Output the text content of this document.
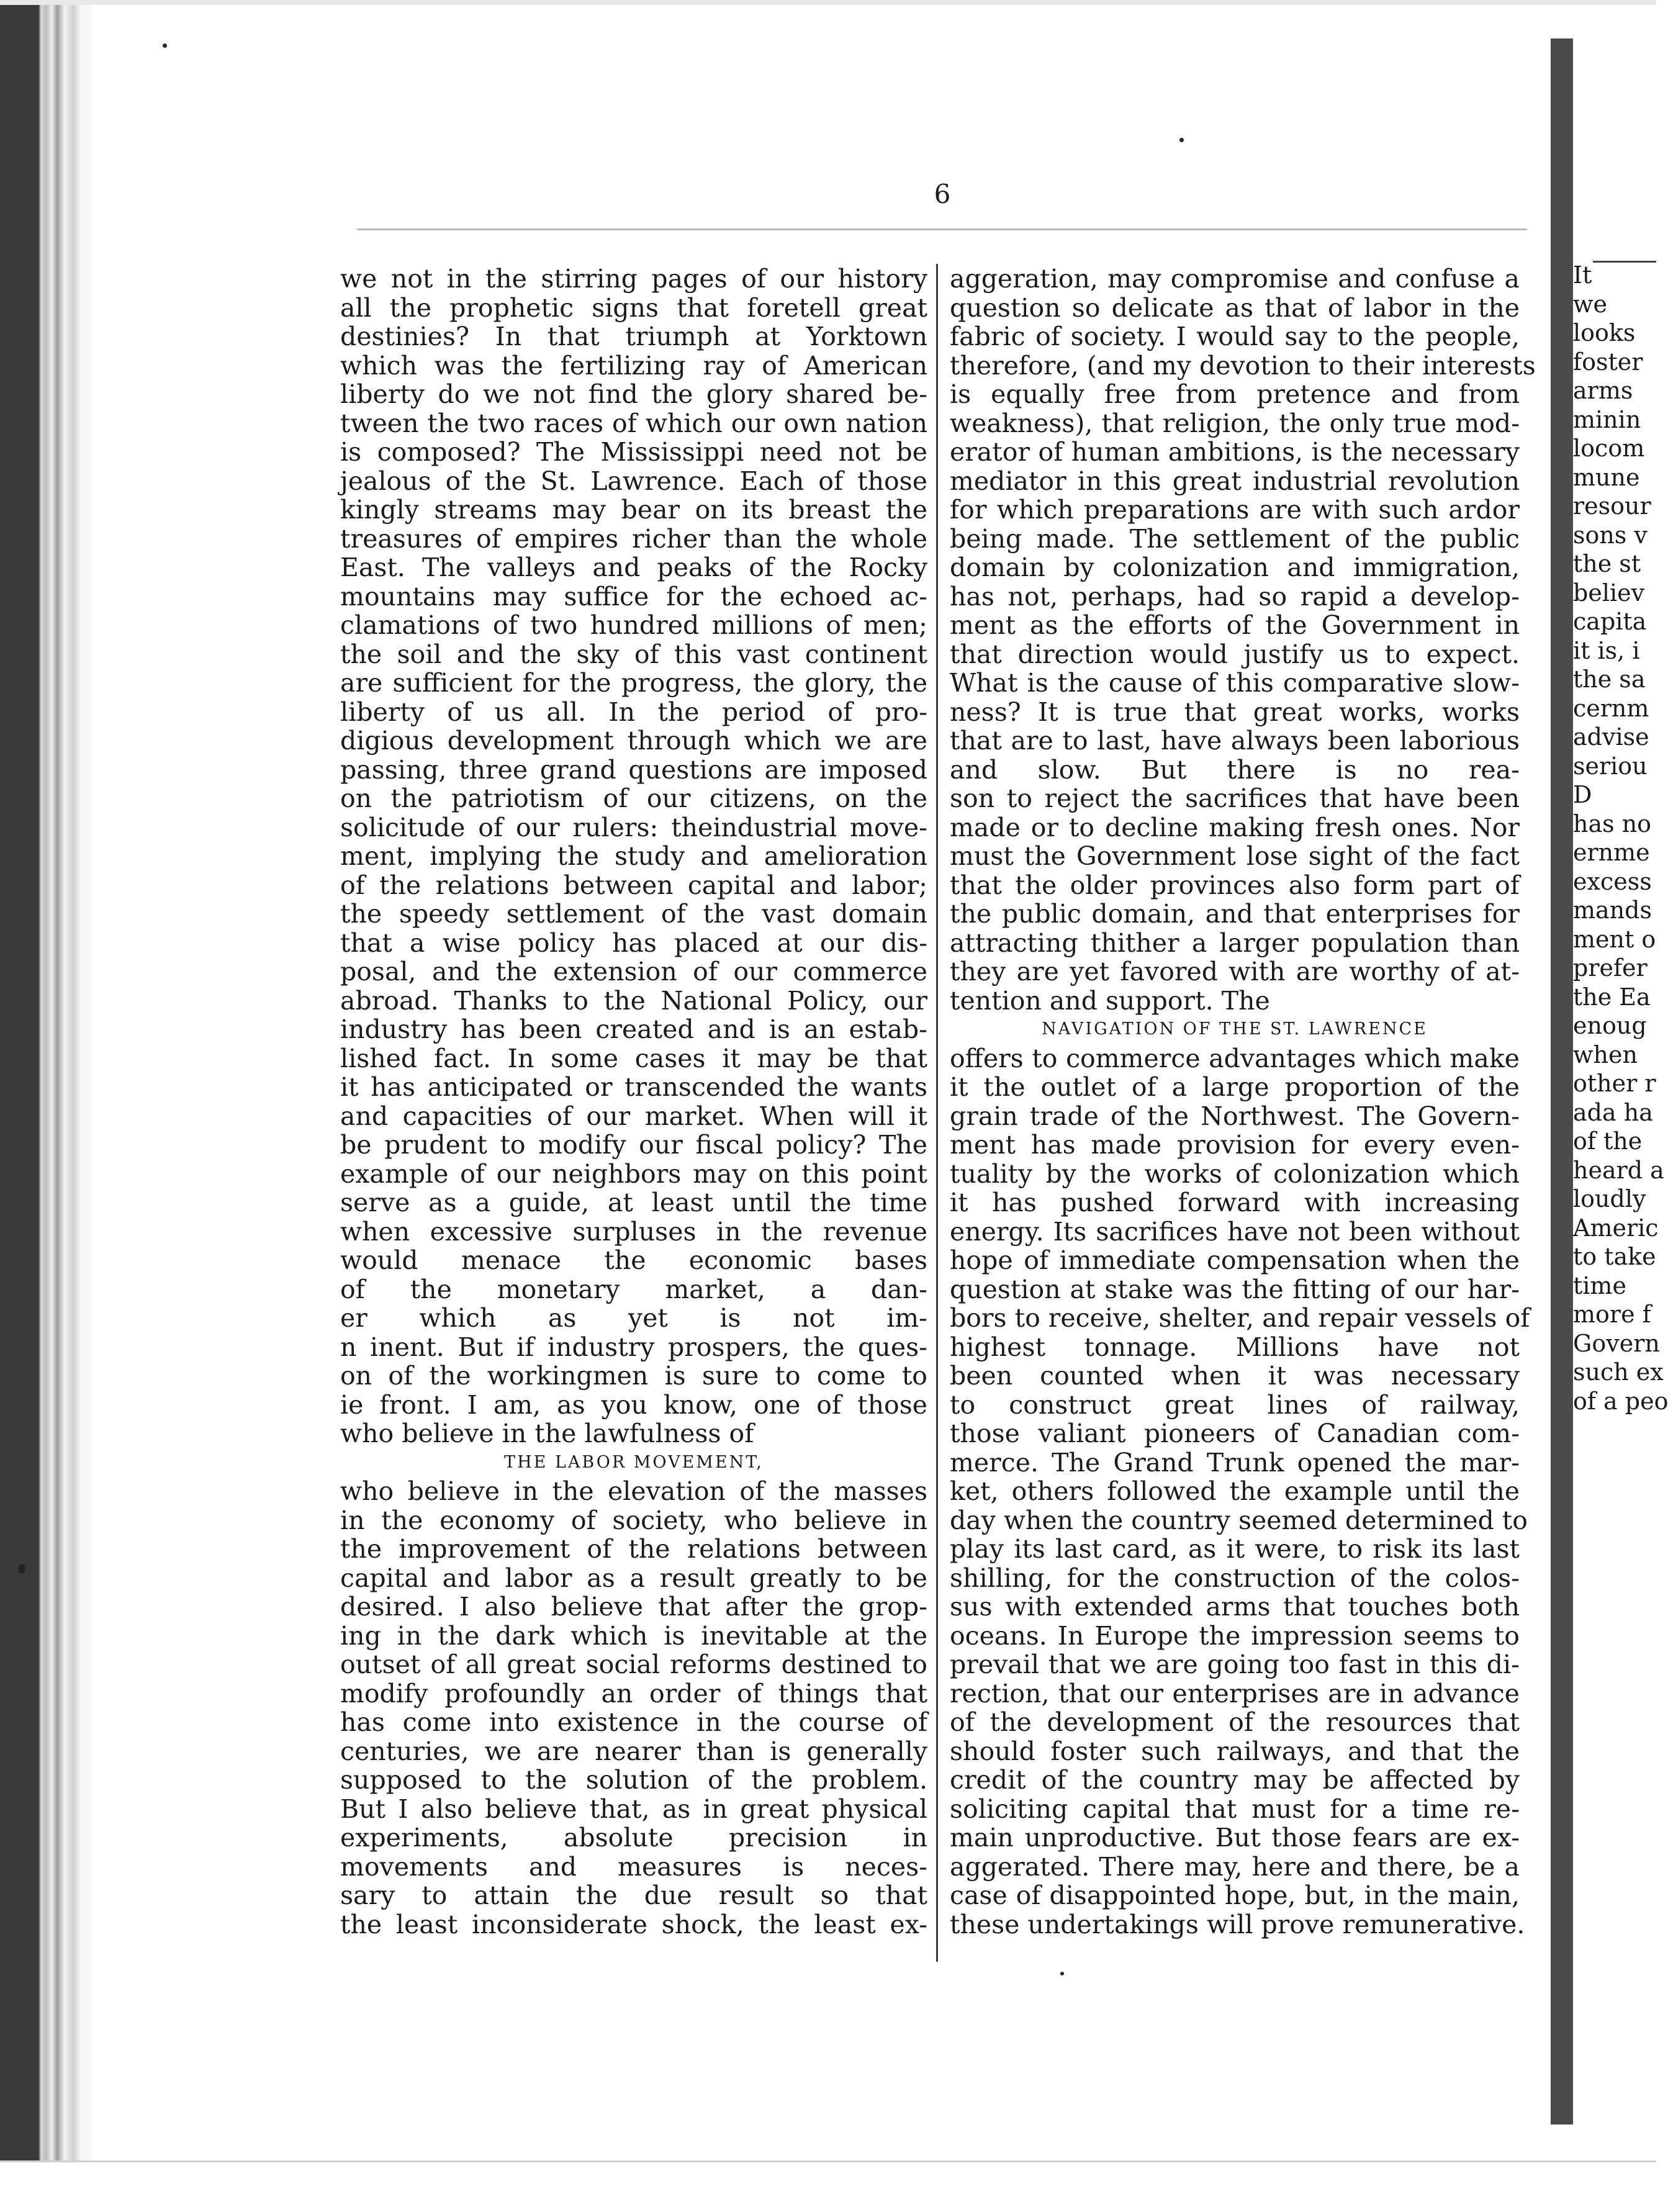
6
we not in the stirring pages of our history
all the prophetic signs that foretell great
destinies? In that triumph at Yorktown
which was the fertilizing ray of American
liberty do we not find the glory shared be-
tween the two races of which our own nation
is composed? The Mississippi need not be
jealous of the St. Lawrence. Each of those
kingly streams may bear on its breast the
treasures of empires richer than the whole
East. The valleys and peaks of the Rocky
mountains may suffice for the echoed ac-
clamations of two hundred millions of men;
the soil and the sky of this vast continent
are sufficient for the progress, the glory, the
liberty of us all. In the period of pro-
digious development through which we are
passing, three grand questions are imposed
on the patriotism of our citizens, on the
solicitude of our rulers: theindustrial move-
ment, implying the study and amelioration
of the relations between capital and labor;
the speedy settlement of the vast domain
that a wise policy has placed at our dis-
posal, and the extension of our commerce
abroad. Thanks to the National Policy, our
industry has been created and is an estab-
lished fact. In some cases it may be that
it has anticipated or transcended the wants
and capacities of our market. When will it
be prudent to modify our fiscal policy? The
example of our neighbors may on this point
serve as a guide, at least until the time
when excessive surpluses in the revenue
would menace the economic bases
of the monetary market, a dan-
er which as yet is not im-
n inent. But if industry prospers, the ques-
on of the workingmen is sure to come to
ie front. I am, as you know, one of those
who believe in the lawfulness of
THE LABOR MOVEMENT,
who believe in the elevation of the masses
in the economy of society, who believe in
the improvement of the relations between
capital and labor as a result greatly to be
desired. I also believe that after the grop-
ing in the dark which is inevitable at the
outset of all great social reforms destined to
modify profoundly an order of things that
has come into existence in the course of
centuries, we are nearer than is generally
supposed to the solution of the problem.
But I also believe that, as in great physical
experiments, absolute precision in
movements and measures is neces-
sary to attain the due result so that
the least inconsiderate shock, the least ex-
aggeration, may compromise and confuse a
question so delicate as that of labor in the
fabric of society. I would say to the people,
therefore, (and my devotion to their interests
is equally free from pretence and from
weakness), that religion, the only true mod-
erator of human ambitions, is the necessary
mediator in this great industrial revolution
for which preparations are with such ardor
being made. The settlement of the public
domain by colonization and immigration,
has not, perhaps, had so rapid a develop-
ment as the efforts of the Government in
that direction would justify us to expect.
What is the cause of this comparative slow-
ness? It is true that great works, works
that are to last, have always been laborious
and slow. But there is no rea-
son to reject the sacrifices that have been
made or to decline making fresh ones. Nor
must the Government lose sight of the fact
that the older provinces also form part of
the public domain, and that enterprises for
attracting thither a larger population than
they are yet favored with are worthy of at-
tention and support. The
NAVIGATION OF THE ST. LAWRENCE
offers to commerce advantages which make
it the outlet of a large proportion of the
grain trade of the Northwest. The Govern-
ment has made provision for every even-
tuality by the works of colonization which
it has pushed forward with increasing
energy. Its sacrifices have not been without
hope of immediate compensation when the
question at stake was the fitting of our har-
bors to receive, shelter, and repair vessels of
highest tonnage. Millions have not
been counted when it was necessary
to construct great lines of railway,
those valiant pioneers of Canadian com-
merce. The Grand Trunk opened the mar-
ket, others followed the example until the
day when the country seemed determined to
play its last card, as it were, to risk its last
shilling, for the construction of the colos-
sus with extended arms that touches both
oceans. In Europe the impression seems to
prevail that we are going too fast in this di-
rection, that our enterprises are in advance
of the development of the resources that
should foster such railways, and that the
credit of the country may be affected by
soliciting capital that must for a time re-
main unproductive. But those fears are ex-
aggerated. There may, here and there, be a
case of disappointed hope, but, in the main,
these undertakings will prove remunerative.
It
we
looks
foster
arms
minin
locom
mune
resour
sons v
the st
believ
capita
it is, i
the sa
cernm
advise
seriou
D
has no
ernme
excess
mands
ment o
prefer
the Ea
enoug
when
other r
ada ha
of the
heard a
loudly
Americ
to take
time
more f
Govern
such ex
of a peo
